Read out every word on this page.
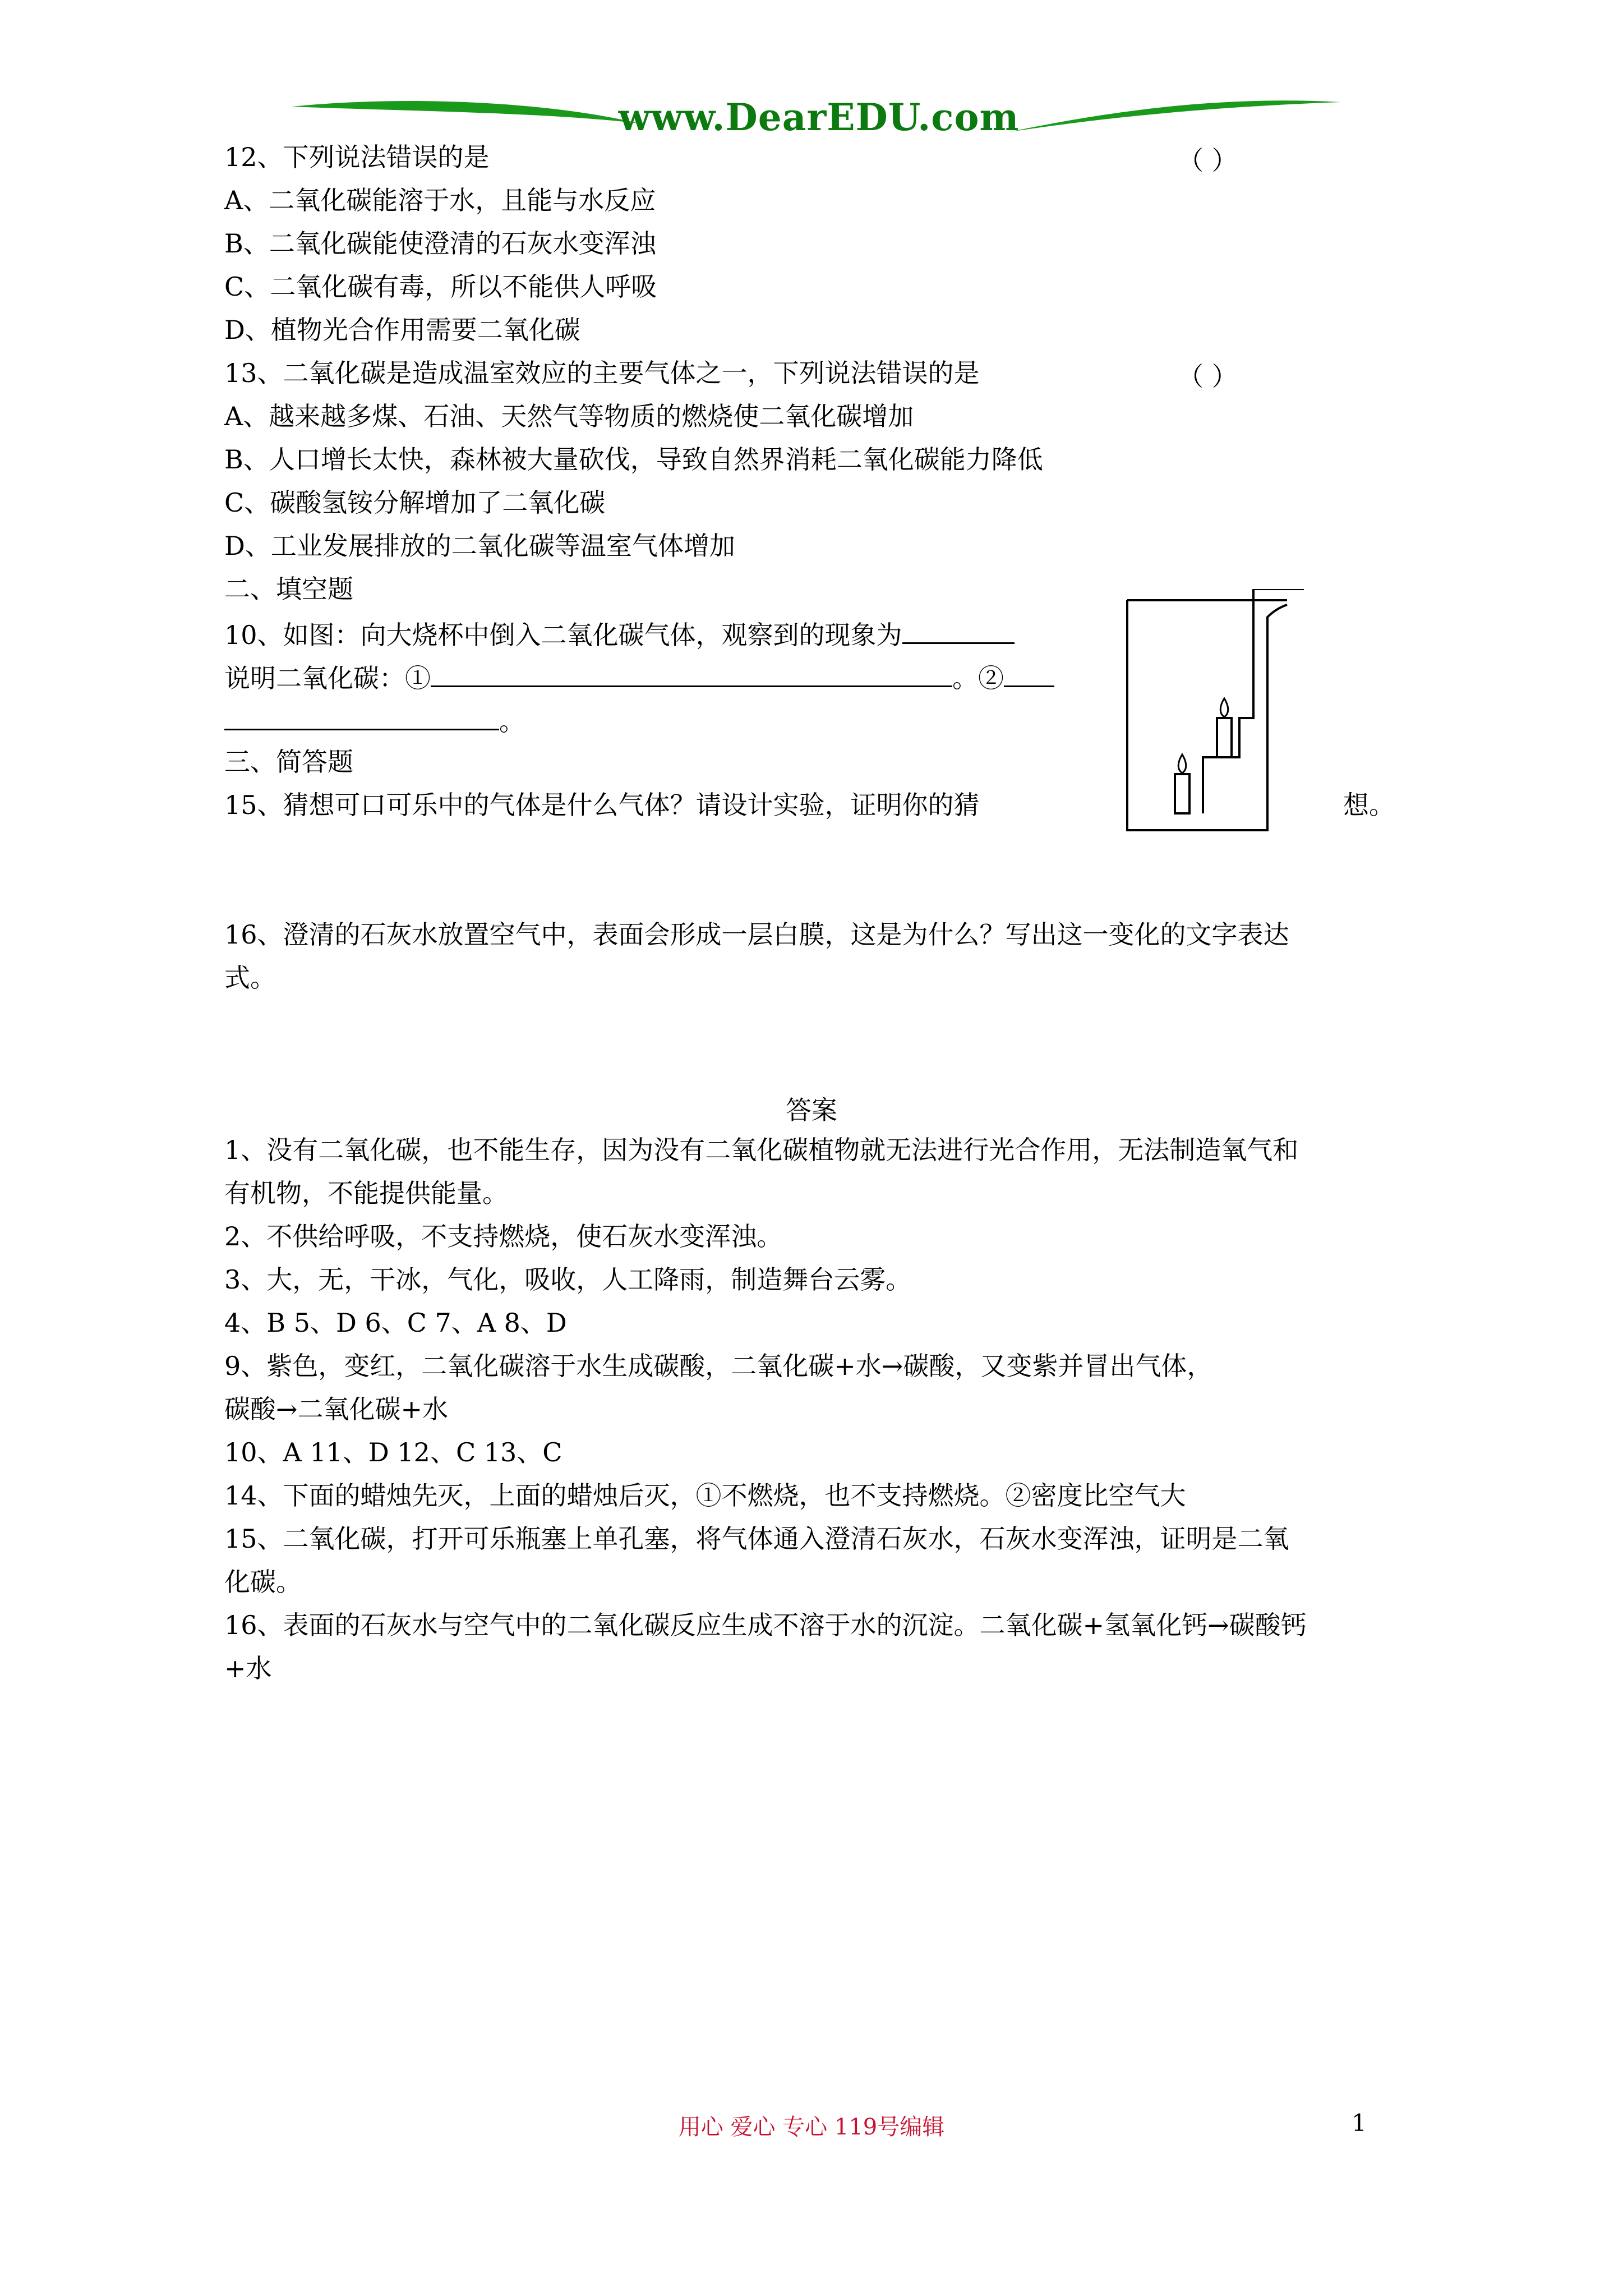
www.DearEDU.com
12、下列说法错误的是	（ ）
A、二氧化碳能溶于水，且能与水反应
B、二氧化碳能使澄清的石灰水变浑浊
C、二氧化碳有毒，所以不能供人呼吸
D、植物光合作用需要二氧化碳
13、二氧化碳是造成温室效应的主要气体之一，下列说法错误的是	（ ）
A、越来越多煤、石油、天然气等物质的燃烧使二氧化碳增加
B、人口增长太快，森林被大量砍伐，导致自然界消耗二氧化碳能力降低
C、碳酸氢铵分解增加了二氧化碳
D、工业发展排放的二氧化碳等温室气体增加
二、填空题
10、如图：向大烧杯中倒入二氧化碳气体，观察到的现象为
说明二氧化碳：①	。②
。
三、简答题
15、猜想可口可乐中的气体是什么气体？请设计实验，证明你的猜	想。
16、澄清的石灰水放置空气中，表面会形成一层白膜，这是为什么？写出这一变化的文字表达
式。
答案
1、没有二氧化碳，也不能生存，因为没有二氧化碳植物就无法进行光合作用，无法制造氧气和
有机物，不能提供能量。
2、不供给呼吸，不支持燃烧，使石灰水变浑浊。
3、大，无，干冰，气化，吸收，人工降雨，制造舞台云雾。
4、B 5、D 6、C 7、A 8、D
9、紫色，变红，二氧化碳溶于水生成碳酸，二氧化碳+水→碳酸，又变紫并冒出气体，
碳酸→二氧化碳+水
10、A 11、D 12、C 13、C
14、下面的蜡烛先灭，上面的蜡烛后灭，①不燃烧，也不支持燃烧。②密度比空气大
15、二氧化碳，打开可乐瓶塞上单孔塞，将气体通入澄清石灰水，石灰水变浑浊，证明是二氧
化碳。
16、表面的石灰水与空气中的二氧化碳反应生成不溶于水的沉淀。二氧化碳+氢氧化钙→碳酸钙
+水
用心 爱心 专心 119号编辑	1
